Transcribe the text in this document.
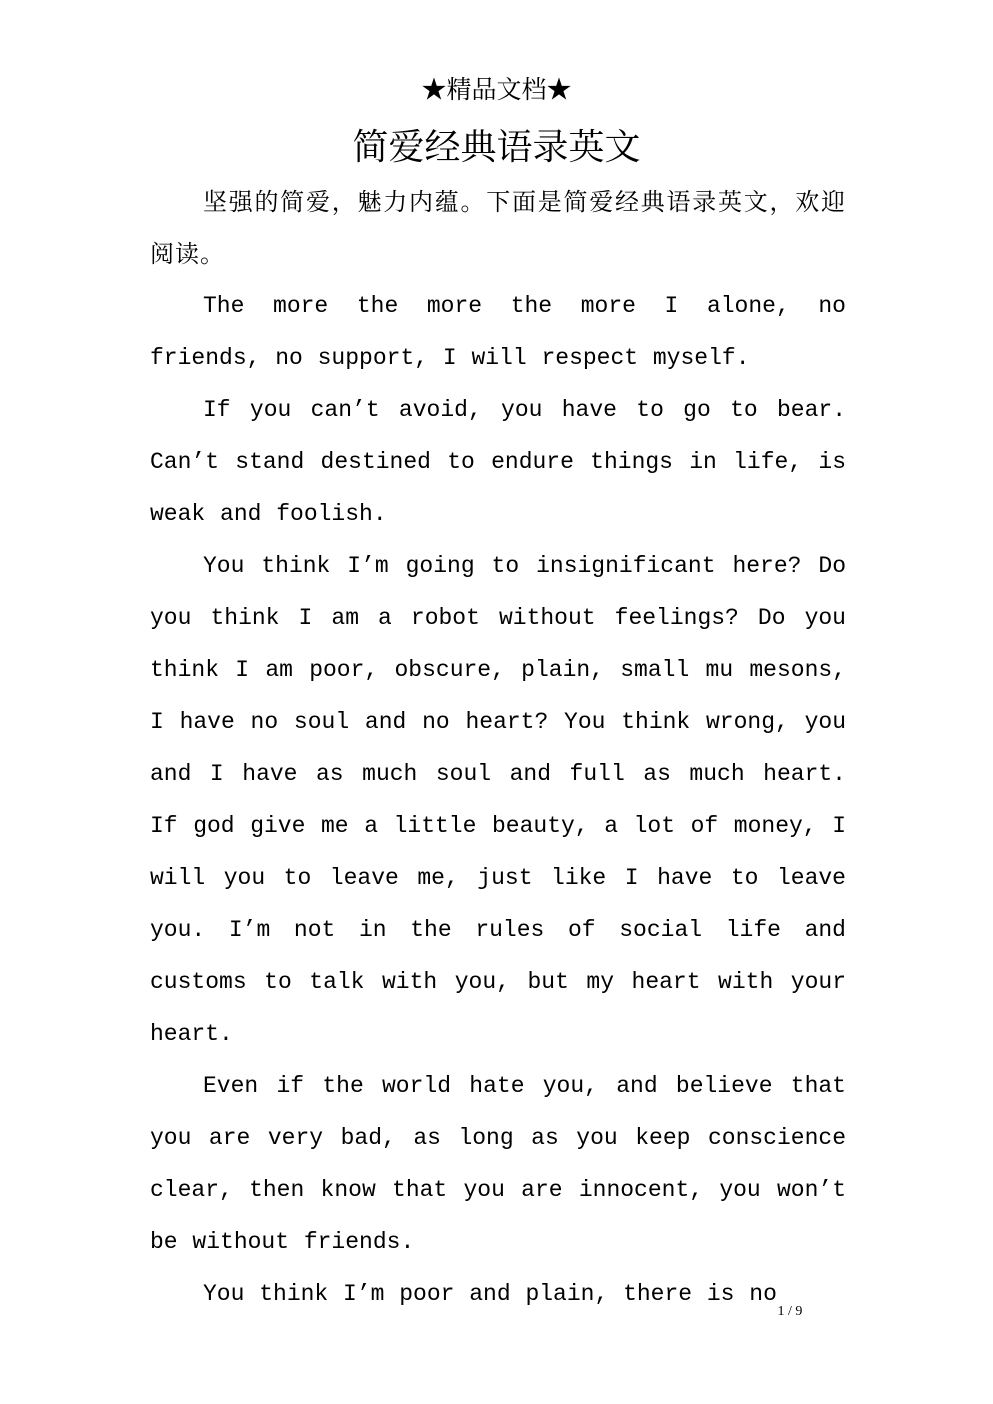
★精品文档★
简爱经典语录英文

坚强的简爱，魅力内蕴。下面是简爱经典语录英文，欢迎阅读。

The more the more the more I alone, no friends, no support, I will respect myself.

If you can’t avoid, you have to go to bear. Can’t stand destined to endure things in life, is weak and foolish.

You think I’m going to insignificant here? Do you think I am a robot without feelings? Do you think I am poor, obscure, plain, small mu mesons, I have no soul and no heart? You think wrong, you and I have as much soul and full as much heart. If god give me a little beauty, a lot of money, I will you to leave me, just like I have to leave you. I’m not in the rules of social life and customs to talk with you, but my heart with your heart.

Even if the world hate you, and believe that you are very bad, as long as you keep conscience clear, then know that you are innocent, you won’t be without friends.

You think I’m poor and plain, there is no

1 / 9
